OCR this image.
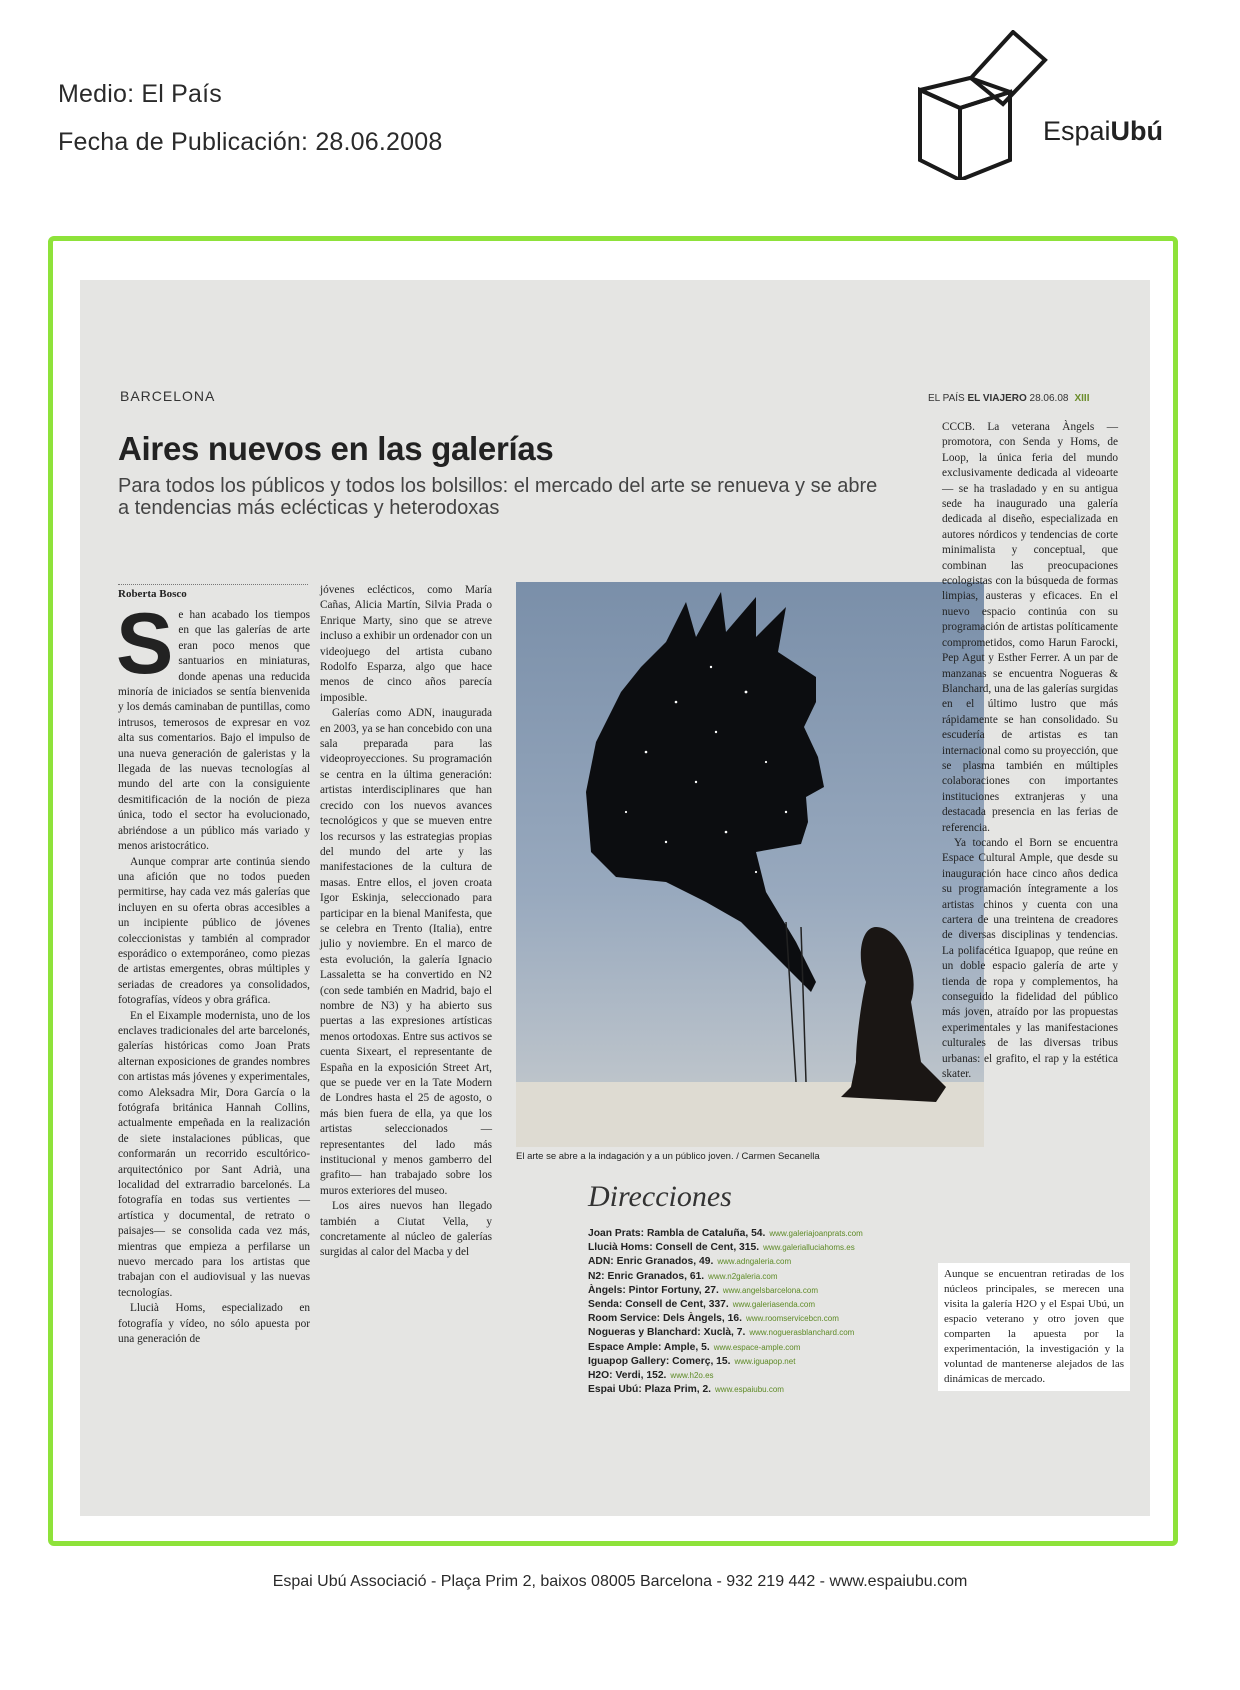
Medio: El País
Fecha de Publicación: 28.06.2008	EspaiUbú
BARCELONA	EL PAÍS EL VIAJERO 28.06.08 XIII
Aires nuevos en las galerías
Para todos los públicos y todos los bolsillos: el mercado del arte se renueva y se abre a tendencias más eclécticas y heterodoxas
Roberta Bosco

Se han acabado los tiempos en que las galerías de arte eran poco menos que santuarios en miniaturas, donde apenas una reducida minoría de iniciados se sentía bienvenida y los demás caminaban de puntillas, como intrusos, temerosos de expresar en voz alta sus comentarios. Bajo el impulso de una nueva generación de galeristas y la llegada de las nuevas tecnologías al mundo del arte con la consiguiente desmitificación de la noción de pieza única, todo el sector ha evolucionado, abriéndose a un público más variado y menos aristocrático.

Aunque comprar arte continúa siendo una afición que no todos pueden permitirse, hay cada vez más galerías que incluyen en su oferta obras accesibles a un incipiente público de jóvenes coleccionistas y también al comprador esporádico o extemporáneo, como piezas de artistas emergentes, obras múltiples y seriadas de creadores ya consolidados, fotografías, vídeos y obra gráfica.

En el Eixample modernista, uno de los enclaves tradicionales del arte barcelonés, galerías históricas como Joan Prats alternan exposiciones de grandes nombres con artistas más jóvenes y experimentales, como Aleksadra Mir, Dora García o la fotógrafa británica Hannah Collins, actualmente empeñada en la realización de siete instalaciones públicas, que conformarán un recorrido escultórico-arquitectónico por Sant Adrià, una localidad del extrarradio barcelonés. La fotografía en todas sus vertientes —artística y documental, de retrato o paisajes— se consolida cada vez más, mientras que empieza a perfilarse un nuevo mercado para los artistas que trabajan con el audiovisual y las nuevas tecnologías.

Llucià Homs, especializado en fotografía y vídeo, no sólo apuesta por una generación de

jóvenes eclécticos, como María Cañas, Alicia Martín, Silvia Prada o Enrique Marty, sino que se atreve incluso a exhibir un ordenador con un videojuego del artista cubano Rodolfo Esparza, algo que hace menos de cinco años parecía imposible.

Galerías como ADN, inaugurada en 2003, ya se han concebido con una sala preparada para las videoproyecciones. Su programación se centra en la última generación: artistas interdisciplinares que han crecido con los nuevos avances tecnológicos y que se mueven entre los recursos y las estrategias propias del mundo del arte y las manifestaciones de la cultura de masas. Entre ellos, el joven croata Igor Eskinja, seleccionado para participar en la bienal Manifesta, que se celebra en Trento (Italia), entre julio y noviembre. En el marco de esta evolución, la galería Ignacio Lassaletta se ha convertido en N2 (con sede también en Madrid, bajo el nombre de N3) y ha abierto sus puertas a las expresiones artísticas menos ortodoxas. Entre sus activos se cuenta Sixeart, el representante de España en la exposición Street Art, que se puede ver en la Tate Modern de Londres hasta el 25 de agosto, o más bien fuera de ella, ya que los artistas seleccionados —representantes del lado más institucional y menos gamberro del grafito— han trabajado sobre los muros exteriores del museo.

Los aires nuevos han llegado también a Ciutat Vella, y concretamente al núcleo de galerías surgidas al calor del Macba y del

El arte se abre a la indagación y a un público joven. / Carmen Secanella
Direcciones
Joan Prats: Rambla de Cataluña, 54. www.galeriajoanprats.com
Llucià Homs: Consell de Cent, 315. www.galerialluciahoms.es
ADN: Enric Granados, 49. www.adngaleria.com
N2: Enric Granados, 61. www.n2galeria.com
Àngels: Pintor Fortuny, 27. www.angelsbarcelona.com
Senda: Consell de Cent, 337. www.galeriasenda.com
Room Service: Dels Àngels, 16. www.roomservicebcn.com
Nogueras y Blanchard: Xuclà, 7. www.noguerasblanchard.com
Espace Ample: Ample, 5. www.espace-ample.com
Iguapop Gallery: Comerç, 15. www.iguapop.net
H2O: Verdi, 152. www.h2o.es
Espai Ubú: Plaza Prim, 2. www.espaiubu.com

CCCB. La veterana Àngels —promotora, con Senda y Homs, de Loop, la única feria del mundo exclusivamente dedicada al videoarte— se ha trasladado y en su antigua sede ha inaugurado una galería dedicada al diseño, especializada en autores nórdicos y tendencias de corte minimalista y conceptual, que combinan las preocupaciones ecologistas con la búsqueda de formas limpias, austeras y eficaces. En el nuevo espacio continúa con su programación de artistas políticamente comprometidos, como Harun Farocki, Pep Agut y Esther Ferrer. A un par de manzanas se encuentra Nogueras & Blanchard, una de las galerías surgidas en el último lustro que más rápidamente se han consolidado. Su escudería de artistas es tan internacional como su proyección, que se plasma también en múltiples colaboraciones con importantes instituciones extranjeras y una destacada presencia en las ferias de referencia.

Ya tocando el Born se encuentra Espace Cultural Ample, que desde su inauguración hace cinco años dedica su programación íntegramente a los artistas chinos y cuenta con una cartera de una treintena de creadores de diversas disciplinas y tendencias. La polifacética Iguapop, que reúne en un doble espacio galería de arte y tienda de ropa y complementos, ha conseguido la fidelidad del público más joven, atraído por las propuestas experimentales y las manifestaciones culturales de las diversas tribus urbanas: el grafito, el rap y la estética skater.

Aunque se encuentran retiradas de los núcleos principales, se merecen una visita la galería H2O y el Espai Ubú, un espacio veterano y otro joven que comparten la apuesta por la experimentación, la investigación y la voluntad de mantenerse alejados de las dinámicas de mercado.
Espai Ubú Associació - Plaça Prim 2, baixos 08005 Barcelona - 932 219 442 - www.espaiubu.com
